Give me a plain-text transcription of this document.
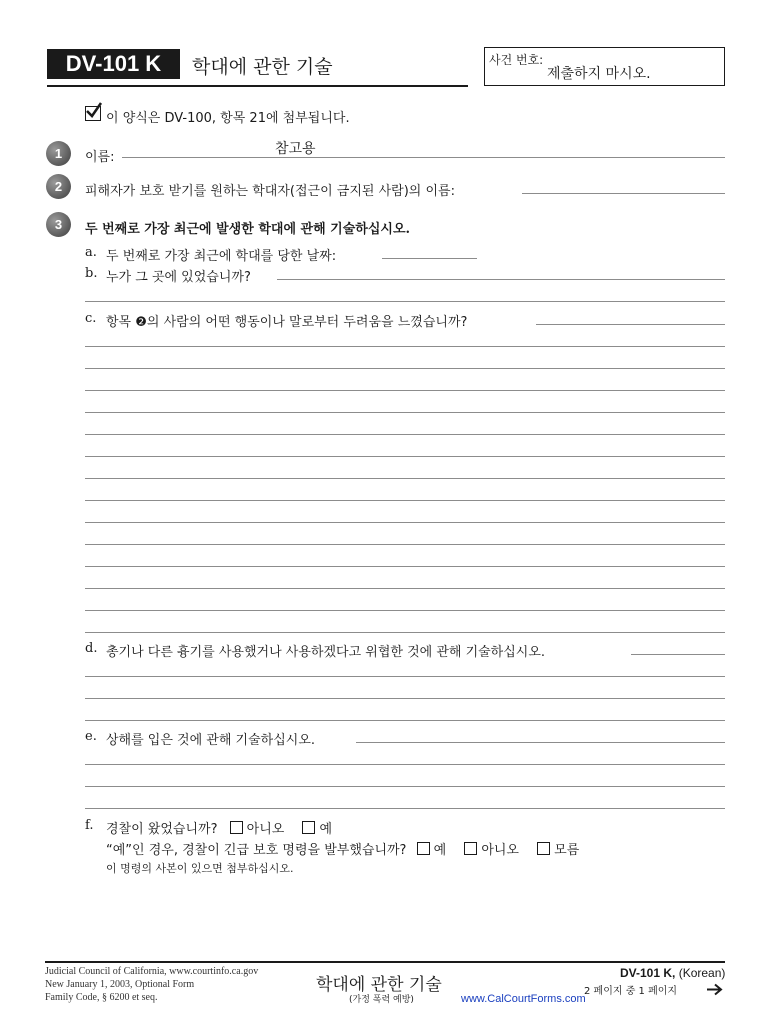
DV-101 K	학대에 관한 기술	사건 번호:
제출하지 마시오.
이 양식은 DV-100, 항목 21에 첨부됩니다.
1	이름:
참고용
2	피해자가 보호 받기를 원하는 학대자(접근이 금지된 사람)의 이름:
3	두 번째로 가장 최근에 발생한 학대에 관해 기술하십시오.
a. 두 번째로 가장 최근에 학대를 당한 날짜:
b. 누가 그 곳에 있었습니까?
c. 항목 ❷의 사람의 어떤 행동이나 말로부터 두려움을 느꼈습니까?
d. 총기나 다른 흉기를 사용했거나 사용하겠다고 위협한 것에 관해 기술하십시오.
e. 상해를 입은 것에 관해 기술하십시오.
f. 경찰이 왔었습니까? 아니오	예
“예”인 경우, 경찰이 긴급 보호 명령을 발부했습니까? 예	아니오	모름
이 명령의 사본이 있으면 첨부하십시오.
Judicial Council of California, www.courtinfo.ca.gov
New January 1, 2003, Optional Form
Family Code, § 6200 et seq.
학대에 관한 기술
(가정 폭력 예방)	www.CalCourtForms.com
DV-101 K, (Korean)
2 페이지 중 1 페이지
